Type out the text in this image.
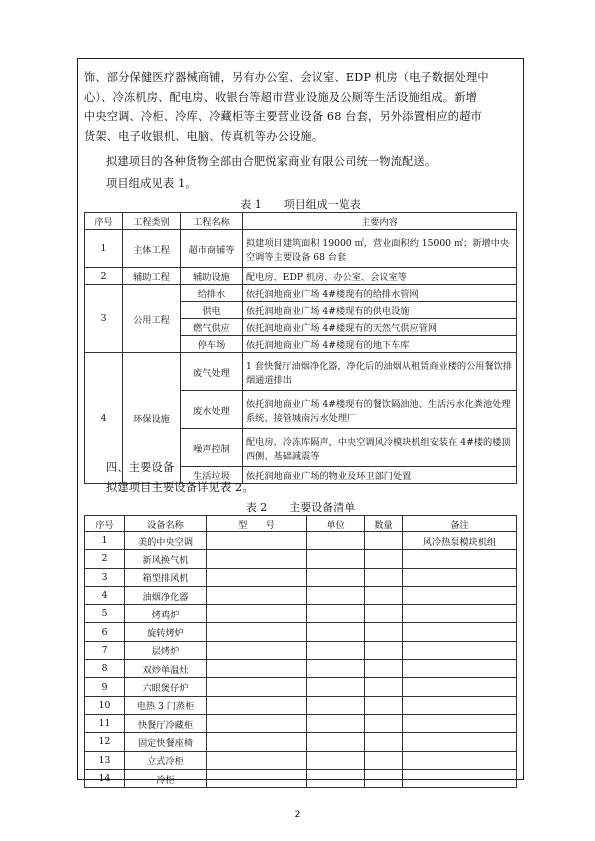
饰、部分保健医疗器械商铺，另有办公室、会议室、EDP 机房（电子数据处理中
心）、冷冻机房、配电房、收银台等超市营业设施及公厕等生活设施组成。新增
中央空调、冷柜、冷库、冷藏柜等主要营业设备 68 台套，另外添置相应的超市
货架、电子收银机、电脑、传真机等办公设施。

拟建项目的各种货物全部由合肥悦家商业有限公司统一物流配送。

项目组成见表 1。

表 1　　项目组成一览表
序号	工程类别	工程名称	主要内容
1	主体工程	超市商铺等	拟建项目建筑面积 19000 ㎡，营业面积约 15000 ㎡；新增中央空调等主要设备 68 台套
2	辅助工程	辅助设施	配电房、EDP 机房、办公室、会议室等
3	公用工程	给排水	依托润地商业广场 4#楼现有的给排水管网
		供电	依托润地商业广场 4#楼现有的供电设施
		燃气供应	依托润地商业广场 4#楼现有的天然气供应管网
		停车场	依托润地商业广场 4#楼现有的地下车库
4	环保设施	废气处理	1 套快餐厅油烟净化器，净化后的油烟从租赁商业楼的公用餐饮排烟通道排出
		废水处理	依托润地商业广场 4#楼现有的餐饮隔油池、生活污水化粪池处理系统、接管城南污水处理厂
		噪声控制	配电房、冷冻库隔声，中央空调风冷模块机组安装在 4#楼的楼顶西侧、基础减震等
		生活垃圾	依托润地商业广场的物业及环卫部门处置

四、主要设备

拟建项目主要设备详见表 2。

表 2　　主要设备清单
序号	设备名称	型　　号	单位	数量	备注
1	美的中央空调				风冷热泵模块机组
2	新风换气机				
3	箱型排风机				
4	油烟净化器				
5	烤鸡炉				
6	旋转烤炉				
7	层烤炉				
8	双炒单温灶				
9	六眼煲仔炉				
10	电热 3 门蒸柜				
11	快餐厅冷藏柜				
12	固定快餐座椅				
13	立式冷柜				
14	冷柜				
2
